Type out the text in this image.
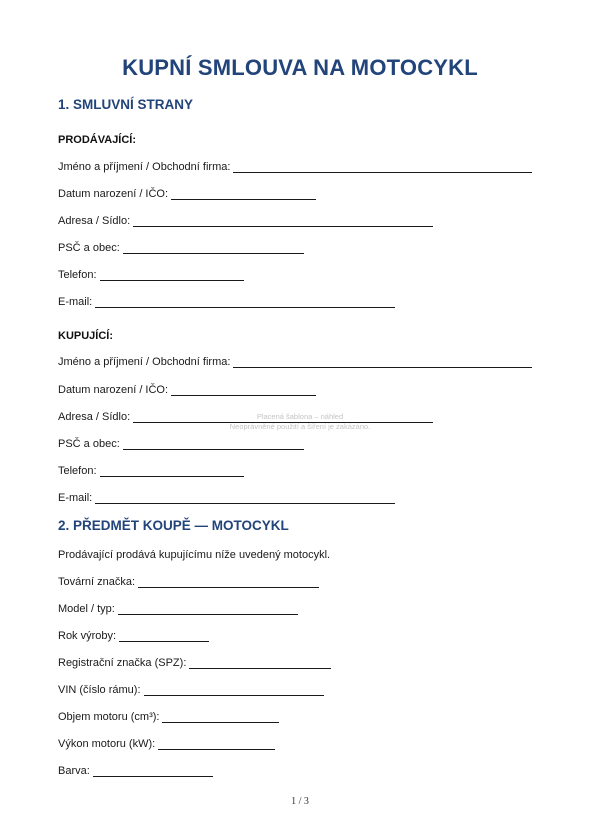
KUPNÍ SMLOUVA NA MOTOCYKL
1. SMLUVNÍ STRANY
PRODÁVAJÍCÍ:
Jméno a příjmení / Obchodní firma:
Datum narození / IČO:
Adresa / Sídlo:
PSČ a obec:
Telefon:
E-mail:
KUPUJÍCÍ:
Jméno a příjmení / Obchodní firma:
Datum narození / IČO:
Adresa / Sídlo:
PSČ a obec:
Telefon:
E-mail:
2. PŘEDMĚT KOUPĚ — MOTOCYKL
Prodávající prodává kupujícímu níže uvedený motocykl.
Tovární značka:
Model / typ:
Rok výroby:
Registrační značka (SPZ):
VIN (číslo rámu):
Objem motoru (cm³):
Výkon motoru (kW):
Barva:
Placená šablona – náhled
Neoprávněné použití a šíření je zakázáno.
1 / 3
